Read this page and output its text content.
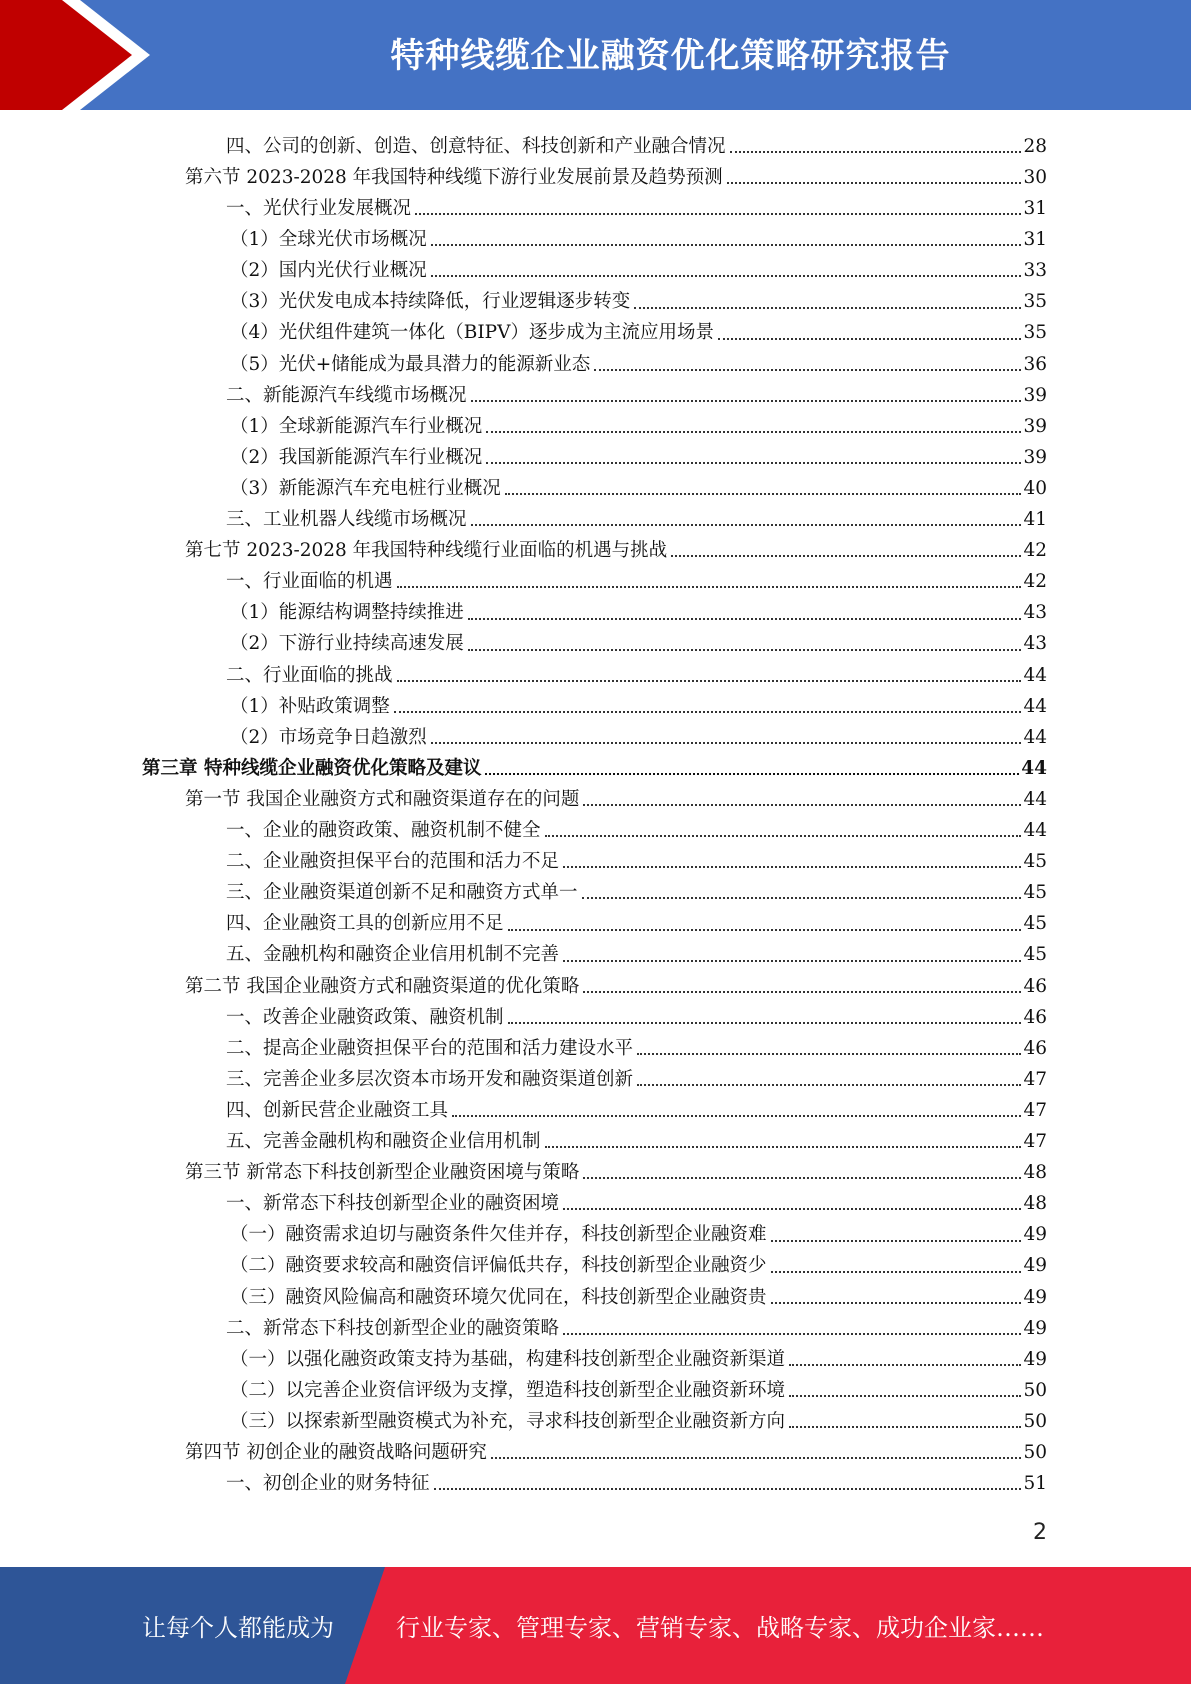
特种线缆企业融资优化策略研究报告
四、公司的创新、创造、创意特征、科技创新和产业融合情况	28
第六节 2023-2028 年我国特种线缆下游行业发展前景及趋势预测	30
一、光伏行业发展概况	31
（1）全球光伏市场概况	31
（2）国内光伏行业概况	33
（3）光伏发电成本持续降低，行业逻辑逐步转变	35
（4）光伏组件建筑一体化（BIPV）逐步成为主流应用场景	35
（5）光伏+储能成为最具潜力的能源新业态	36
二、新能源汽车线缆市场概况	39
（1）全球新能源汽车行业概况	39
（2）我国新能源汽车行业概况	39
（3）新能源汽车充电桩行业概况	40
三、工业机器人线缆市场概况	41
第七节 2023-2028 年我国特种线缆行业面临的机遇与挑战	42
一、行业面临的机遇	42
（1）能源结构调整持续推进	43
（2）下游行业持续高速发展	43
二、行业面临的挑战	44
（1）补贴政策调整	44
（2）市场竞争日趋激烈	44
第三章 特种线缆企业融资优化策略及建议	44
第一节 我国企业融资方式和融资渠道存在的问题	44
一、企业的融资政策、融资机制不健全	44
二、企业融资担保平台的范围和活力不足	45
三、企业融资渠道创新不足和融资方式单一	45
四、企业融资工具的创新应用不足	45
五、金融机构和融资企业信用机制不完善	45
第二节 我国企业融资方式和融资渠道的优化策略	46
一、改善企业融资政策、融资机制	46
二、提高企业融资担保平台的范围和活力建设水平	46
三、完善企业多层次资本市场开发和融资渠道创新	47
四、创新民营企业融资工具	47
五、完善金融机构和融资企业信用机制	47
第三节 新常态下科技创新型企业融资困境与策略	48
一、新常态下科技创新型企业的融资困境	48
（一）融资需求迫切与融资条件欠佳并存，科技创新型企业融资难	49
（二）融资要求较高和融资信评偏低共存，科技创新型企业融资少	49
（三）融资风险偏高和融资环境欠优同在，科技创新型企业融资贵	49
二、新常态下科技创新型企业的融资策略	49
（一）以强化融资政策支持为基础，构建科技创新型企业融资新渠道	49
（二）以完善企业资信评级为支撑，塑造科技创新型企业融资新环境	50
（三）以探索新型融资模式为补充，寻求科技创新型企业融资新方向	50
第四节 初创企业的融资战略问题研究	50
一、初创企业的财务特征	51
2
让每个人都能成为	行业专家、管理专家、营销专家、战略专家、成功企业家……
